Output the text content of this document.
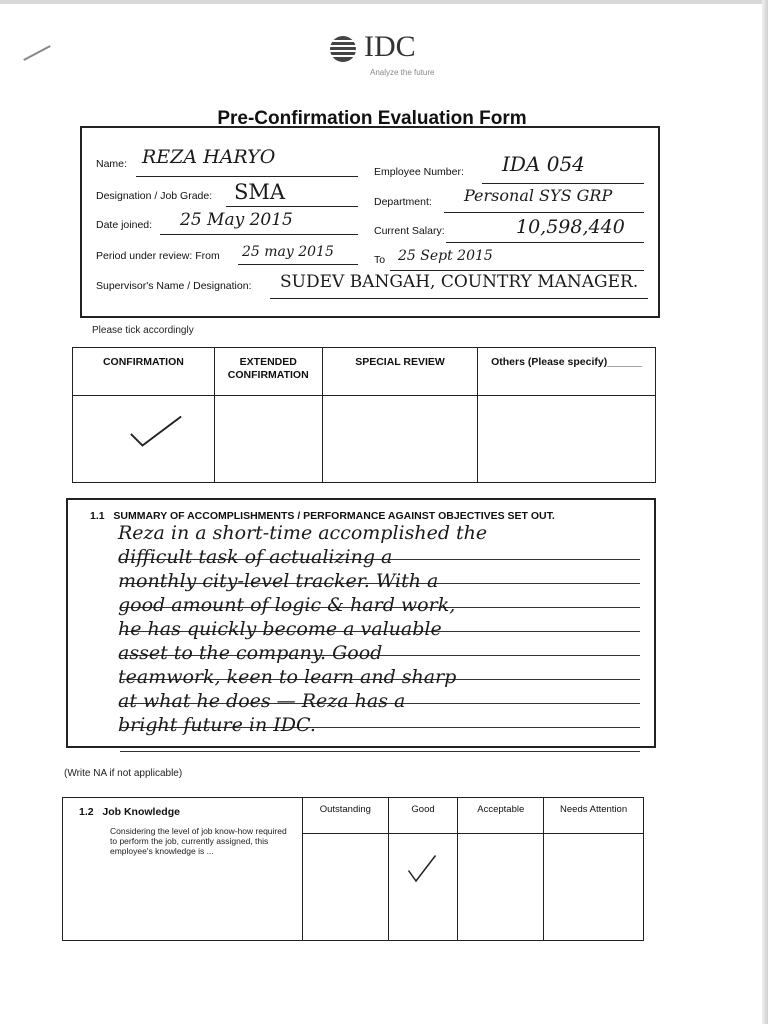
IDC
Analyze the future
Pre-Confirmation Evaluation Form
Name: REZA HARYO
Employee Number: IDA 054
Designation / Job Grade: SMA	Department: Personal SYS GRP
Date joined: 25 May 2015
Current Salary:	10,598,440
Period under review: From 25 may 2015	To 25 Sept 2015
Supervisor's Name / Designation: SUDEV BANGAH, COUNTRY MANAGER.
Please tick accordingly
CONFIRMATION	EXTENDED CONFIRMATION	SPECIAL REVIEW	Others (Please specify)______

1.1 SUMMARY OF ACCOMPLISHMENTS / PERFORMANCE AGAINST OBJECTIVES SET OUT.
Reza in a short-time accomplished the
difficult task of actualizing a
monthly city-level tracker. With a
good amount of logic & hard work,
he has quickly become a valuable
asset to the company. Good
teamwork, keen to learn and sharp
at what he does — Reza has a
bright future in IDC.
(Write NA if not applicable)
1.2 Job Knowledge
Considering the level of job know-how required to perform the job, currently assigned, this employee's knowledge is ...	Outstanding	Good	Acceptable	Needs Attention
